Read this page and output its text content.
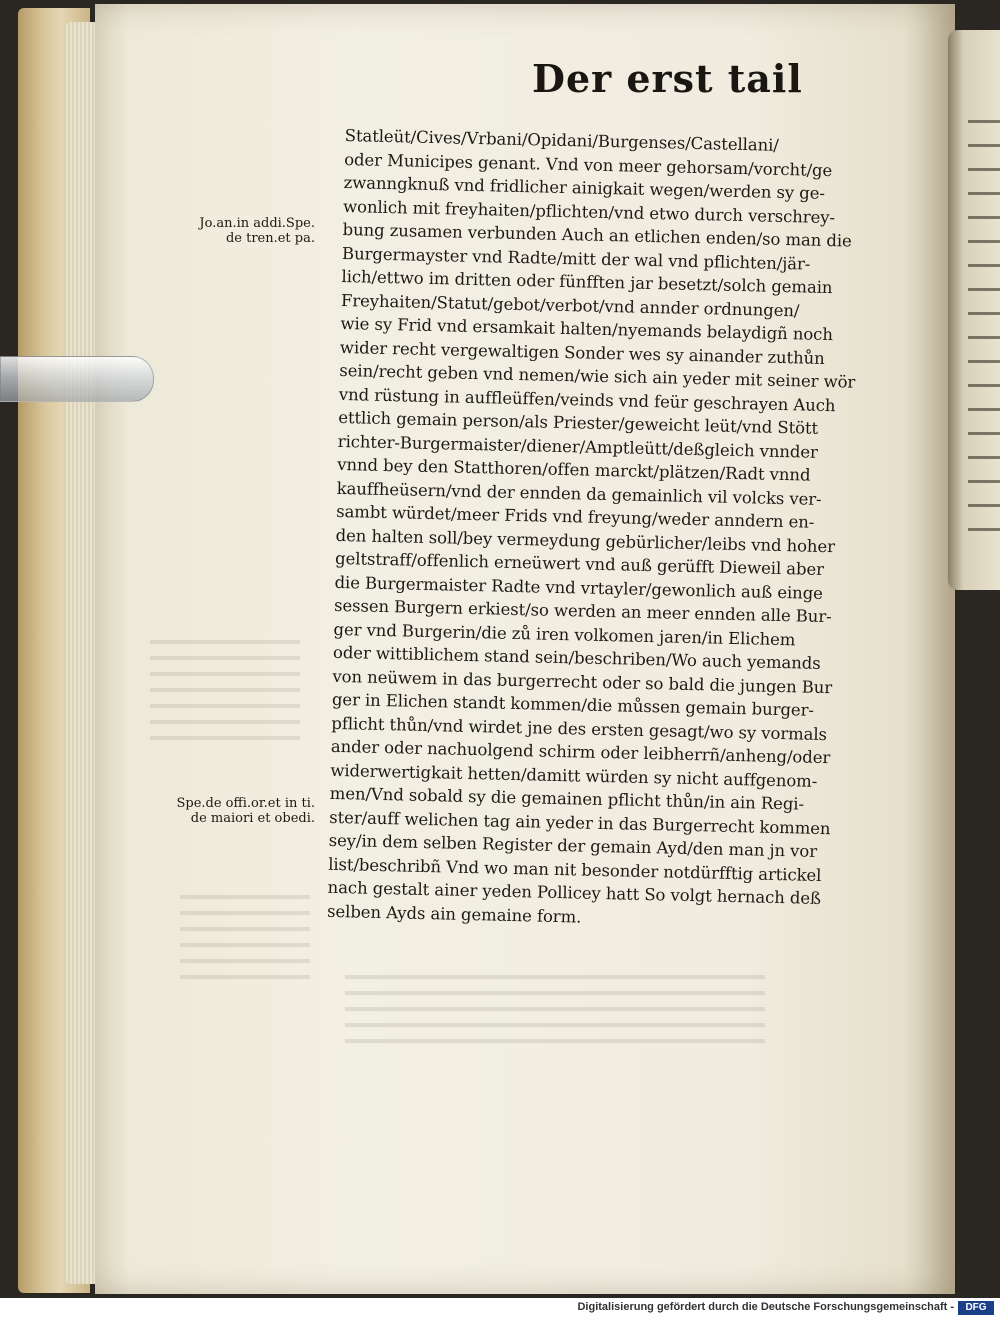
Der erst tail
Jo.an.in addi.Spe.
de tren.et pa.
Spe.de offi.or.et in ti.
de maiori et obedi.
Statleüt/Cives/Vrbani/Opidani/Burgenses/Castellani/
oder Municipes genant. Vnd von meer gehorsam/vorcht/ge
zwanngknuß vnd fridlicher ainigkait wegen/werden sy ge-
wonlich mit freyhaiten/pflichten/vnd etwo durch verschrey-
bung zusamen verbunden Auch an etlichen enden/so man die
Burgermayster vnd Radte/mitt der wal vnd pflichten/jär-
lich/ettwo im dritten oder fünfften jar besetzt/solch gemain
Freyhaiten/Statut/gebot/verbot/vnd annder ordnungen/
wie sy Frid vnd ersamkait halten/nyemands belaydigñ noch
wider recht vergewaltigen Sonder wes sy ainander zuthůn
sein/recht geben vnd nemen/wie sich ain yeder mit seiner wör
vnd rüstung in auffleüffen/veinds vnd feür geschrayen Auch
ettlich gemain person/als Priester/geweicht leüt/vnd Stött
richter-Burgermaister/diener/Amptleütt/deßgleich vnnder
vnnd bey den Statthoren/offen marckt/plätzen/Radt vnnd
kauffheüsern/vnd der ennden da gemainlich vil volcks ver-
sambt würdet/meer Frids vnd freyung/weder anndern en-
den halten soll/bey vermeydung gebürlicher/leibs vnd hoher
geltstraff/offenlich erneüwert vnd auß gerüfft Dieweil aber
die Burgermaister Radte vnd vrtayler/gewonlich auß einge
sessen Burgern erkiest/so werden an meer ennden alle Bur-
ger vnd Burgerin/die zů iren volkomen jaren/in Elichem
oder wittiblichem stand sein/beschriben/Wo auch yemands
von neüwem in das burgerrecht oder so bald die jungen Bur
ger in Elichen standt kommen/die můssen gemain burger-
pflicht thůn/vnd wirdet jne des ersten gesagt/wo sy vormals
ander oder nachuolgend schirm oder leibherrñ/anheng/oder
widerwertigkait hetten/damitt würden sy nicht auffgenom-
men/Vnd sobald sy die gemainen pflicht thůn/in ain Regi-
ster/auff welichen tag ain yeder in das Burgerrecht kommen
sey/in dem selben Register der gemain Ayd/den man jn vor
list/beschribñ Vnd wo man nit besonder notdürfftig artickel
nach gestalt ainer yeden Pollicey hatt So volgt hernach deß
selben Ayds ain gemaine form.
Digitalisierung gefördert durch die Deutsche Forschungsgemeinschaft -	DFG
